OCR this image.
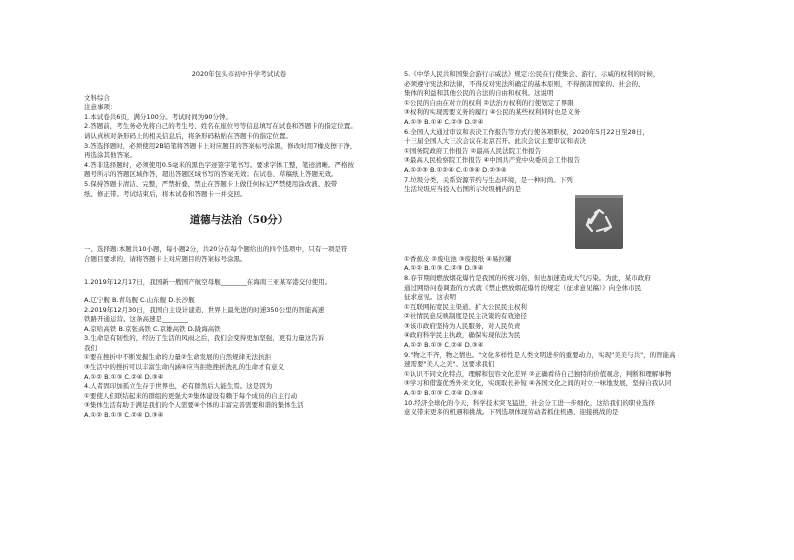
2020年包头市初中升学考试试卷
文科综合
注意事项：
1.本试卷共6页，满分100分。考试时间为90分钟。
2.答题前，考生务必先将自己的考生号、姓名在座位号等信息填写在试卷和答题卡的指定位置。
请认真核对条形码上的相关信息后，将条形码粘贴在答题卡的指定位置。
3.答选择题时，必须使用2B铅笔将答题卡上对应题目的答案标号涂黑，修改时用7橡皮擦干净，
再选涂其他答案。
4.答非选择题时，必须使用0.5毫米的黑色字迹签字笔书写。要求字体工整，笔迹清晰。严格按
题号所示的答题区域作答，超出答题区域书写的答案无效；在试卷、草稿纸上答题无效。
5.保持答题卡清洁、完整，严禁折叠，禁止在答题卡上做任何标记严禁使用涂改液、胶带
纸、修正带。考试结束后，将本试卷和答题卡一并交回。
道德与法治（50分）
一、选择题:本题共10小题，每小题2分，共20分在每个题给出的四个选项中，只有一项是符
合题目要求的，请将答题卡上对应题目的答案标号涂黑。
1.2019年12月17日，我国新一艘国产航空母舰________在海南三亚某军港交付使用。
A.辽宁舰 B.青岛舰 C.山东舰 D.长沙舰
2.2019年12月30日，我国自主设计建造、世界上最先进的时速350公里的智能高速
铁路开通运营。这条高速是________
A.京哈高铁 B.京张高铁 C.京雄高铁 D.陇海高铁
3.生命是有韧性的，经历了生活的风雨之后，我们会变得更加坚强，更有力量这告诉
我们
①要在挫折中不断发掘生命的力量②生命发展的自然规律无法抗拒
③生活中的挫折可以丰富生命内涵④应当拒绝挫折洗礼的生命才有意义
A.①② B.①③ C.②④ D.③④
4.人者固印加孤立生存于世界也，必有群然后人能生焉。这是因为
①要使人们联结起来的群组的更强大②集体建设有赖于每个成员的自主行动
③集体生活有助于满足我们的个人需要④个体的丰富完善需要和谐的集体生活
A.①② B.①③ C.②④ D.③④
5.《中华人民共和国集会游行示威法》规定:公民在行使集会、游行、示威的权利的时候，
必须遵守宪法和法律，不得反对宪法所确定的基本原则，不得损害国家的、社会的、
集体的利益和其他公民的合法的自由和权利。这说明
①公民的自由在对立的权利 ②法治方权利的行使划定了界限
③权利的实现需要义务的履行 ④公民的某些权利同时也是义务
A.①③ B.①④ C.②③ D.②④
6.全国人大通过审议和表决工作报告等方式行使各项职权，2020年5月22日至28日，
十三届全国人大三次会议在北京召开。此次会议主要审议和表决
①国务院政府工作报告 ②最高人民法院工作报告
③最高人民检察院工作报告 ④中国共产党中央委员会工作报告
A.①②③ B.①②④ C.①③④ D.②③④
7.垃圾分类，关系资源节约与生态环境，是一种时尚。下列
生活垃圾应当投入右图所示垃圾桶内的是
①香蕉皮 ②废电池 ③废报纸 ④易拉罐
A.①② B.①③ C.②③ D.③④
8.春节期间燃放烟花爆竹是我国的传统习俗，但也加速造成大气污染。为此，某市政府
通过网络问卷调查的方式就《禁止燃放烟花爆竹的规定（征求意见稿）》向全体市民
征求意见。这表明
①互联网拓宽民主渠道、扩大公民民主权利
②社情民意反映制度是民主决策的有效途径
③该市政府坚持为人民服务，对人民负责
④政府科学民主执政，确保实现依法为民
A.①② B.①③ C.②④ D.③④
9."物之不齐，物之情也。"文化多样性是人类文明进步的重要动力，实现"美美与共"，的智能高
速需要"美人之美"。这要求我们
①认识不同文化特点，理解和包容文化差异 ②正确看待自己独特的价值观念，判断和理解事物
③学习和借鉴优秀外来文化，实现取长补短 ④各国文化之间的对立一味地发展，坚持自我认同
A.①② B.①③ C.②④ D.③④
10.经济全球化的今天，科学技术突飞猛进，社会分工进一步细化，这给我们的职业选择
意义带来更多的机遇和挑战。下列选项体现劳动者抓住机遇、迎接挑战的是
